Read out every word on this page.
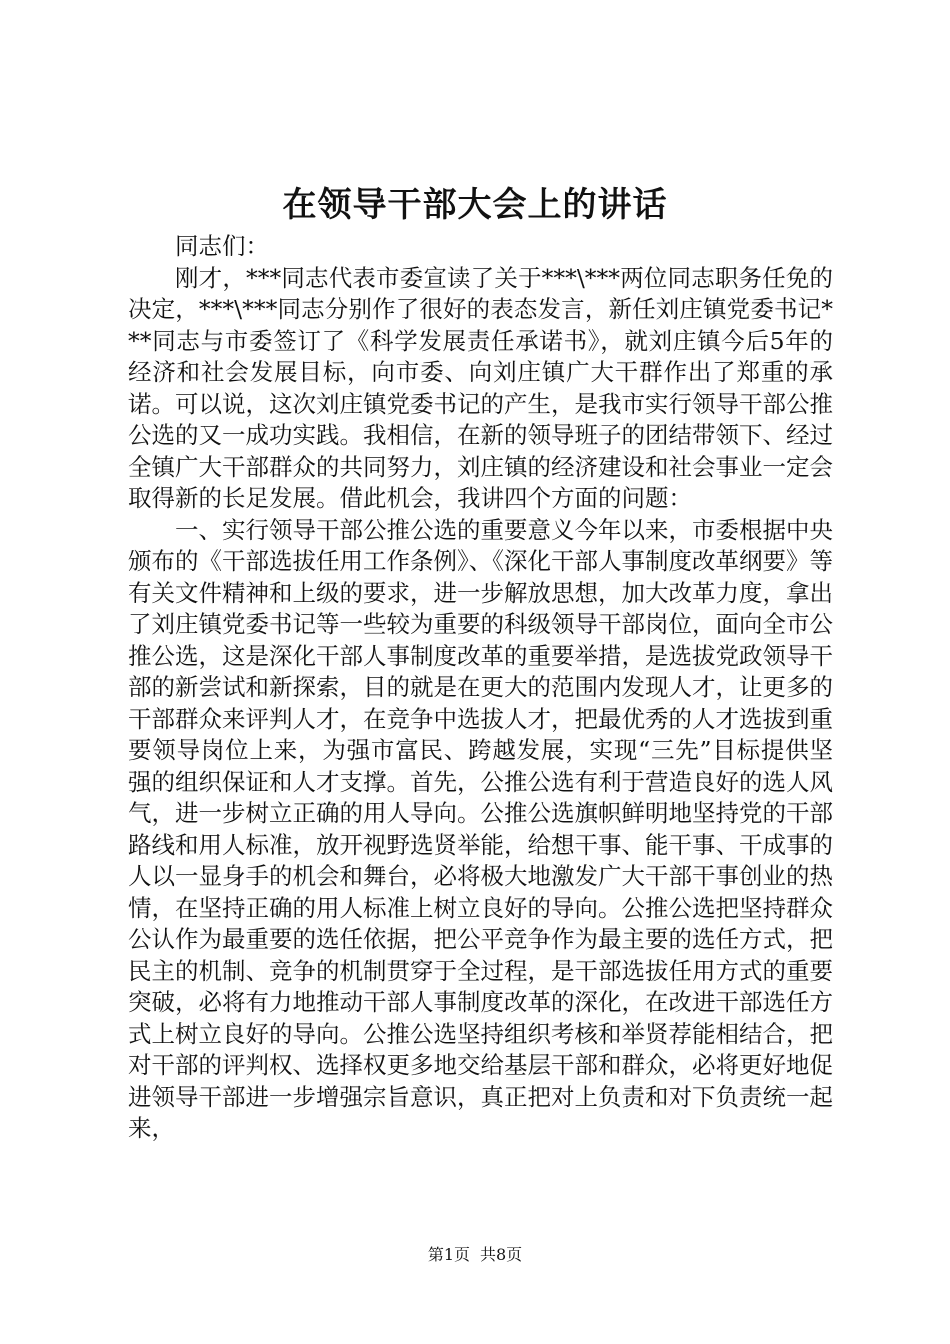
在领导干部大会上的讲话

同志们：

刚才，***同志代表市委宣读了关于***\***两位同志职务任免的决定，***\***同志分别作了很好的表态发言，新任刘庄镇党委书记***同志与市委签订了《科学发展责任承诺书》，就刘庄镇今后5年的经济和社会发展目标，向市委、向刘庄镇广大干群作出了郑重的承诺。可以说，这次刘庄镇党委书记的产生，是我市实行领导干部公推公选的又一成功实践。我相信，在新的领导班子的团结带领下、经过全镇广大干部群众的共同努力，刘庄镇的经济建设和社会事业一定会取得新的长足发展。借此机会，我讲四个方面的问题：

一、实行领导干部公推公选的重要意义今年以来，市委根据中央颁布的《干部选拔任用工作条例》、《深化干部人事制度改革纲要》等有关文件精神和上级的要求，进一步解放思想，加大改革力度，拿出了刘庄镇党委书记等一些较为重要的科级领导干部岗位，面向全市公推公选，这是深化干部人事制度改革的重要举措，是选拔党政领导干部的新尝试和新探索，目的就是在更大的范围内发现人才，让更多的干部群众来评判人才，在竞争中选拔人才，把最优秀的人才选拔到重要领导岗位上来，为强市富民、跨越发展，实现“三先”目标提供坚强的组织保证和人才支撑。首先，公推公选有利于营造良好的选人风气，进一步树立正确的用人导向。公推公选旗帜鲜明地坚持党的干部路线和用人标准，放开视野选贤举能，给想干事、能干事、干成事的人以一显身手的机会和舞台，必将极大地激发广大干部干事创业的热情，在坚持正确的用人标准上树立良好的导向。公推公选把坚持群众公认作为最重要的选任依据，把公平竞争作为最主要的选任方式，把民主的机制、竞争的机制贯穿于全过程，是干部选拔任用方式的重要突破，必将有力地推动干部人事制度改革的深化，在改进干部选任方式上树立良好的导向。公推公选坚持组织考核和举贤荐能相结合，把对干部的评判权、选择权更多地交给基层干部和群众，必将更好地促进领导干部进一步增强宗旨意识，真正把对上负责和对下负责统一起来，

第1页 共8页
